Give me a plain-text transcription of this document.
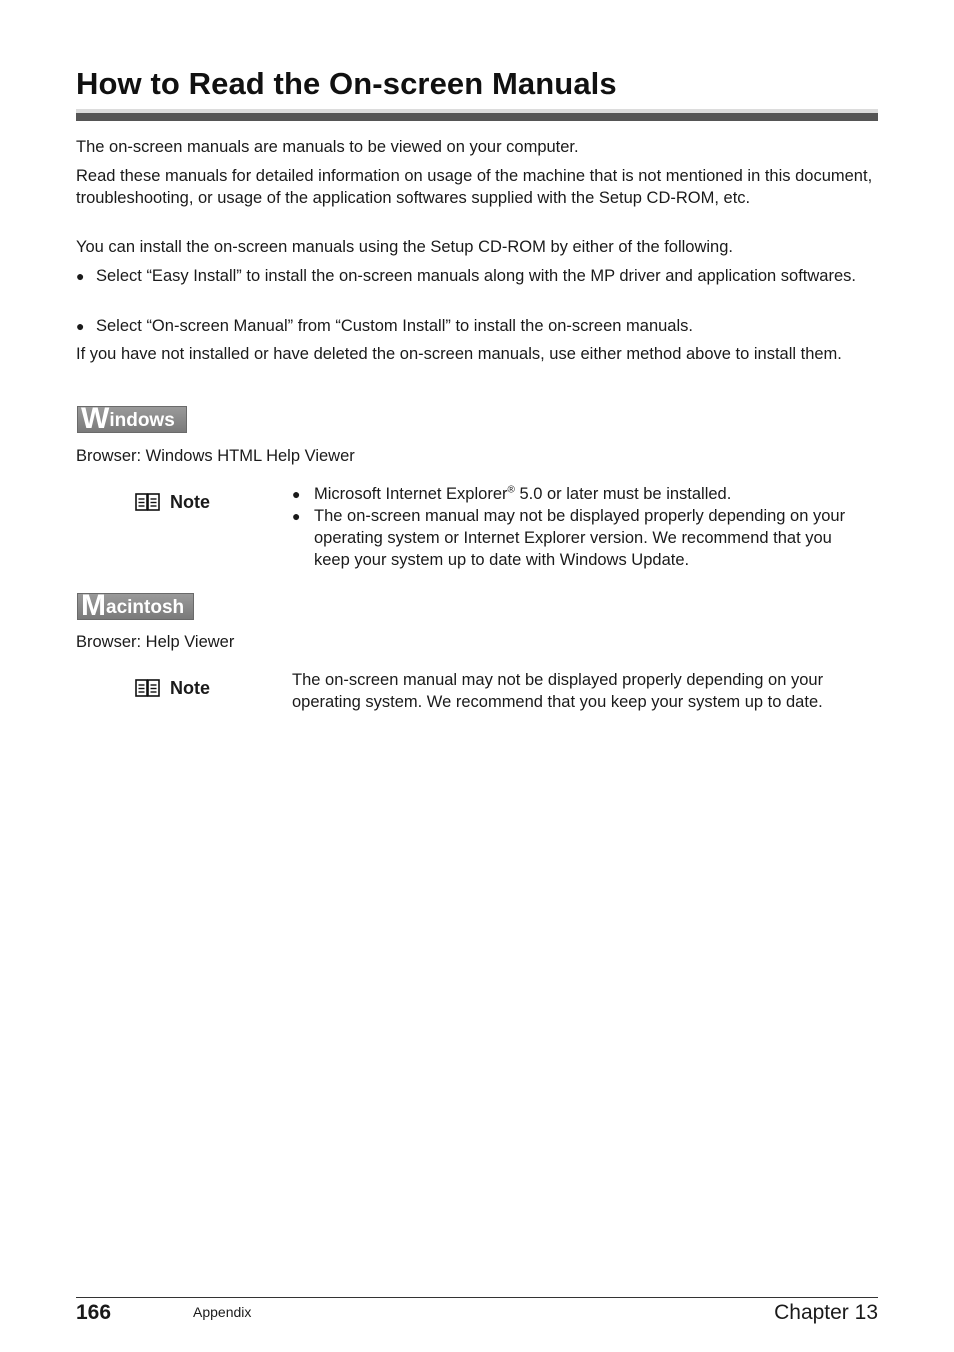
How to Read the On-screen Manuals

The on-screen manuals are manuals to be viewed on your computer.

Read these manuals for detailed information on usage of the machine that is not mentioned in this document, troubleshooting, or usage of the application softwares supplied with the Setup CD-ROM, etc.

You can install the on-screen manuals using the Setup CD-ROM by either of the following.

● Select “Easy Install” to install the on-screen manuals along with the MP driver and application softwares.

● Select “On-screen Manual” from “Custom Install” to install the on-screen manuals.

If you have not installed or have deleted the on-screen manuals, use either method above to install them.

W indows

Browser: Windows HTML Help Viewer

Note	● Microsoft Internet Explorer® 5.0 or later must be installed.
● The on-screen manual may not be displayed properly depending on your operating system or Internet Explorer version. We recommend that you keep your system up to date with Windows Update.
M acintosh

Browser: Help Viewer

Note	The on-screen manual may not be displayed properly depending on your operating system. We recommend that you keep your system up to date.

166	Appendix	Chapter 13
